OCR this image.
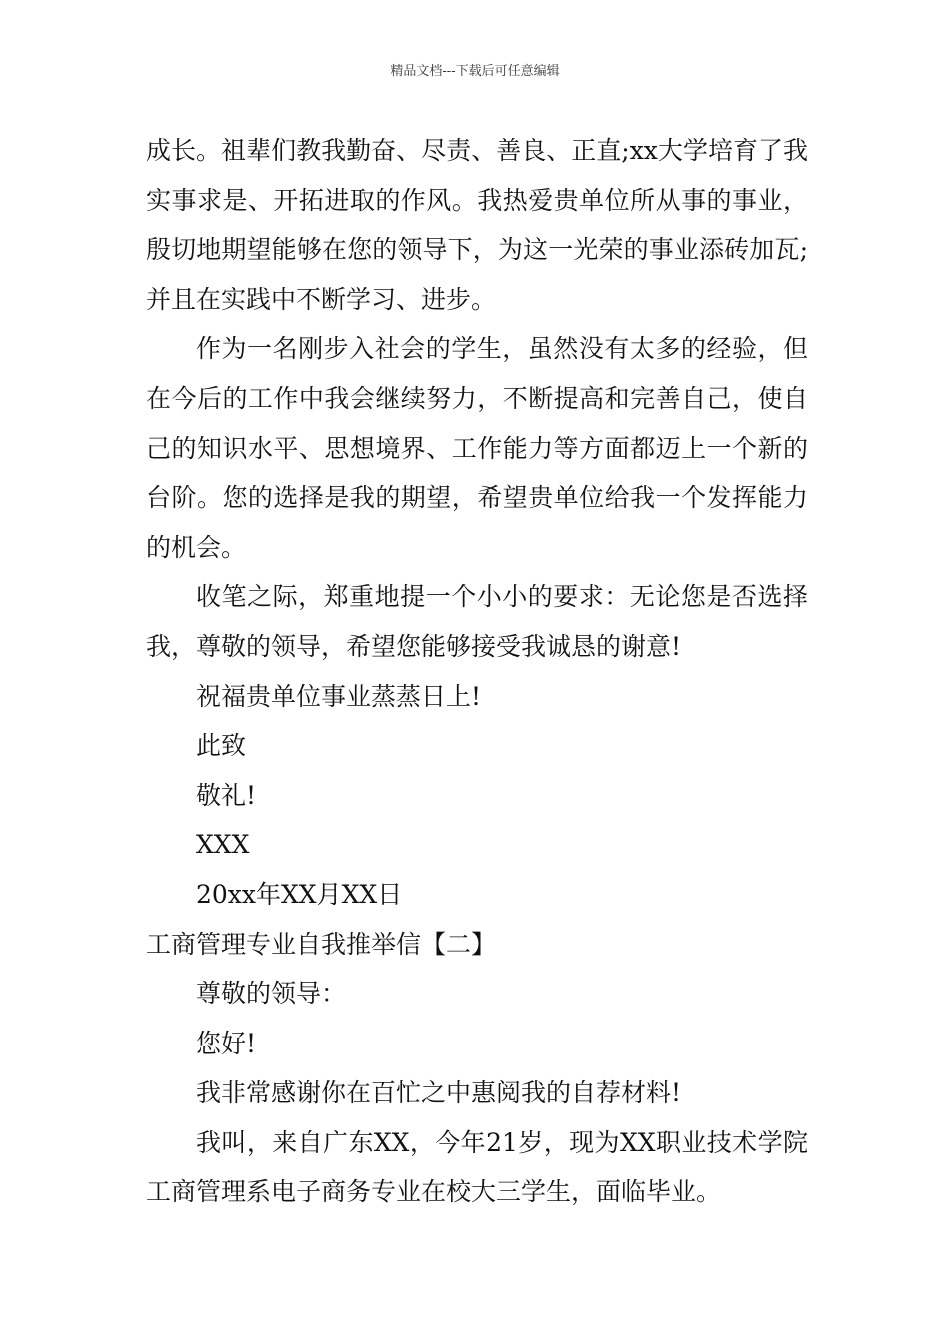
精品文档---下载后可任意编辑

成长。祖辈们教我勤奋、尽责、善良、正直;xx大学培育了我实事求是、开拓进取的作风。我热爱贵单位所从事的事业，殷切地期望能够在您的领导下，为这一光荣的事业添砖加瓦;并且在实践中不断学习、进步。

作为一名刚步入社会的学生，虽然没有太多的经验，但在今后的工作中我会继续努力，不断提高和完善自己，使自己的知识水平、思想境界、工作能力等方面都迈上一个新的台阶。您的选择是我的期望，希望贵单位给我一个发挥能力的机会。

收笔之际，郑重地提一个小小的要求：无论您是否选择我，尊敬的领导，希望您能够接受我诚恳的谢意!

祝福贵单位事业蒸蒸日上!

此致

敬礼!

XXX

20xx年XX月XX日

工商管理专业自我推举信【二】

尊敬的领导：

您好!

我非常感谢你在百忙之中惠阅我的自荐材料!

我叫，来自广东XX，今年21岁，现为XX职业技术学院工商管理系电子商务专业在校大三学生，面临毕业。
